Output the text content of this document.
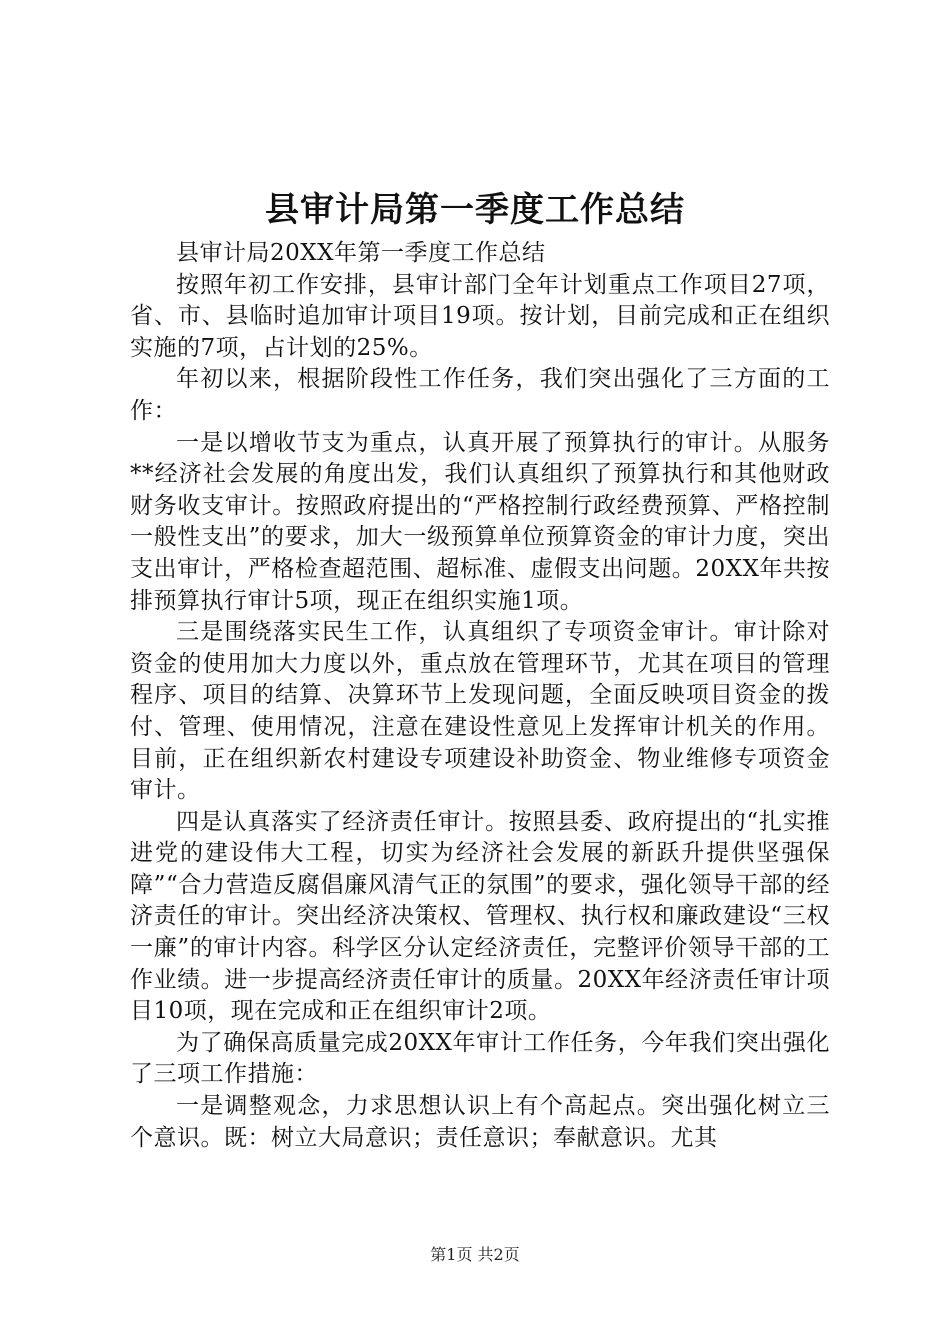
县审计局第一季度工作总结

县审计局20XX年第一季度工作总结

按照年初工作安排，县审计部门全年计划重点工作项目27项，省、市、县临时追加审计项目19项。按计划，目前完成和正在组织实施的7项，占计划的25%。

年初以来，根据阶段性工作任务，我们突出强化了三方面的工作：

一是以增收节支为重点，认真开展了预算执行的审计。从服务**经济社会发展的角度出发，我们认真组织了预算执行和其他财政财务收支审计。按照政府提出的“严格控制行政经费预算、严格控制一般性支出”的要求，加大一级预算单位预算资金的审计力度，突出支出审计，严格检查超范围、超标准、虚假支出问题。20XX年共按排预算执行审计5项，现正在组织实施1项。

三是围绕落实民生工作，认真组织了专项资金审计。审计除对资金的使用加大力度以外，重点放在管理环节，尤其在项目的管理程序、项目的结算、决算环节上发现问题，全面反映项目资金的拨付、管理、使用情况，注意在建设性意见上发挥审计机关的作用。目前，正在组织新农村建设专项建设补助资金、物业维修专项资金审计。

四是认真落实了经济责任审计。按照县委、政府提出的“扎实推进党的建设伟大工程，切实为经济社会发展的新跃升提供坚强保障”“合力营造反腐倡廉风清气正的氛围”的要求，强化领导干部的经济责任的审计。突出经济决策权、管理权、执行权和廉政建设“三权一廉”的审计内容。科学区分认定经济责任，完整评价领导干部的工作业绩。进一步提高经济责任审计的质量。20XX年经济责任审计项目10项，现在完成和正在组织审计2项。

为了确保高质量完成20XX年审计工作任务，今年我们突出强化了三项工作措施：

一是调整观念，力求思想认识上有个高起点。突出强化树立三个意识。既：树立大局意识；责任意识；奉献意识。尤其

第1页 共2页
